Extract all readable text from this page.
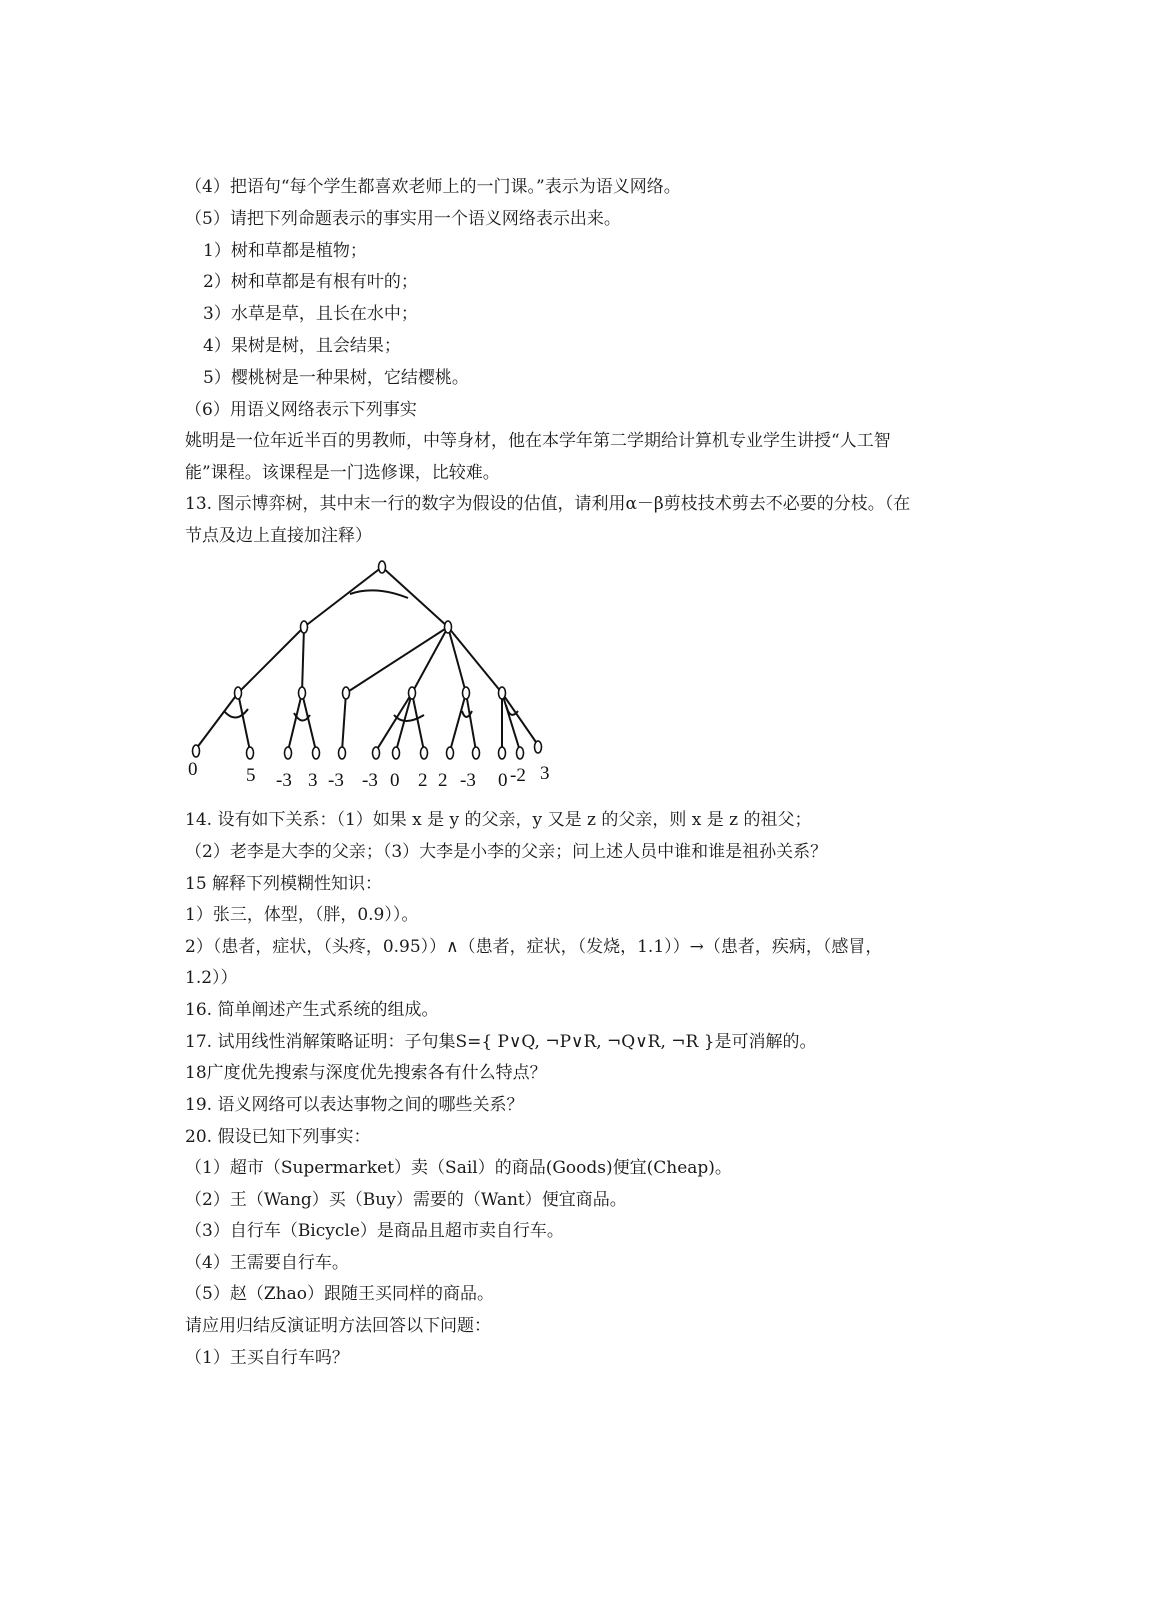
（4）把语句“每个学生都喜欢老师上的一门课。”表示为语义网络。
（5）请把下列命题表示的事实用一个语义网络表示出来。
1）树和草都是植物；
2）树和草都是有根有叶的；
3）水草是草，且长在水中；
4）果树是树，且会结果；
5）樱桃树是一种果树，它结樱桃。
（6）用语义网络表示下列事实
姚明是一位年近半百的男教师，中等身材，他在本学年第二学期给计算机专业学生讲授“人工智
能”课程。该课程是一门选修课，比较难。
13. 图示博弈树，其中末一行的数字为假设的估值，请利用α－β剪枝技术剪去不必要的分枝。（在
节点及边上直接加注释）
0	5 -3 3 -3 -3 0 2 2 -3 0 -2 3
14. 设有如下关系：（1）如果 x 是 y 的父亲，y 又是 z 的父亲，则 x 是 z 的祖父；
（2）老李是大李的父亲；（3）大李是小李的父亲；问上述人员中谁和谁是祖孙关系？
15 解释下列模糊性知识：
1）张三，体型，（胖，0.9））。
2）（患者，症状，（头疼，0.95））∧（患者，症状，（发烧，1.1））→（患者，疾病，（感冒，
1.2））
16. 简单阐述产生式系统的组成。
17. 试用线性消解策略证明：子句集S={ P∨Q, ¬P∨R, ¬Q∨R, ¬R }是可消解的。
18广度优先搜索与深度优先搜索各有什么特点？
19. 语义网络可以表达事物之间的哪些关系？
20. 假设已知下列事实：
（1）超市（Supermarket）卖（Sail）的商品(Goods)便宜(Cheap)。
（2）王（Wang）买（Buy）需要的（Want）便宜商品。
（3）自行车（Bicycle）是商品且超市卖自行车。
（4）王需要自行车。
（5）赵（Zhao）跟随王买同样的商品。
请应用归结反演证明方法回答以下问题：
（1）王买自行车吗？
